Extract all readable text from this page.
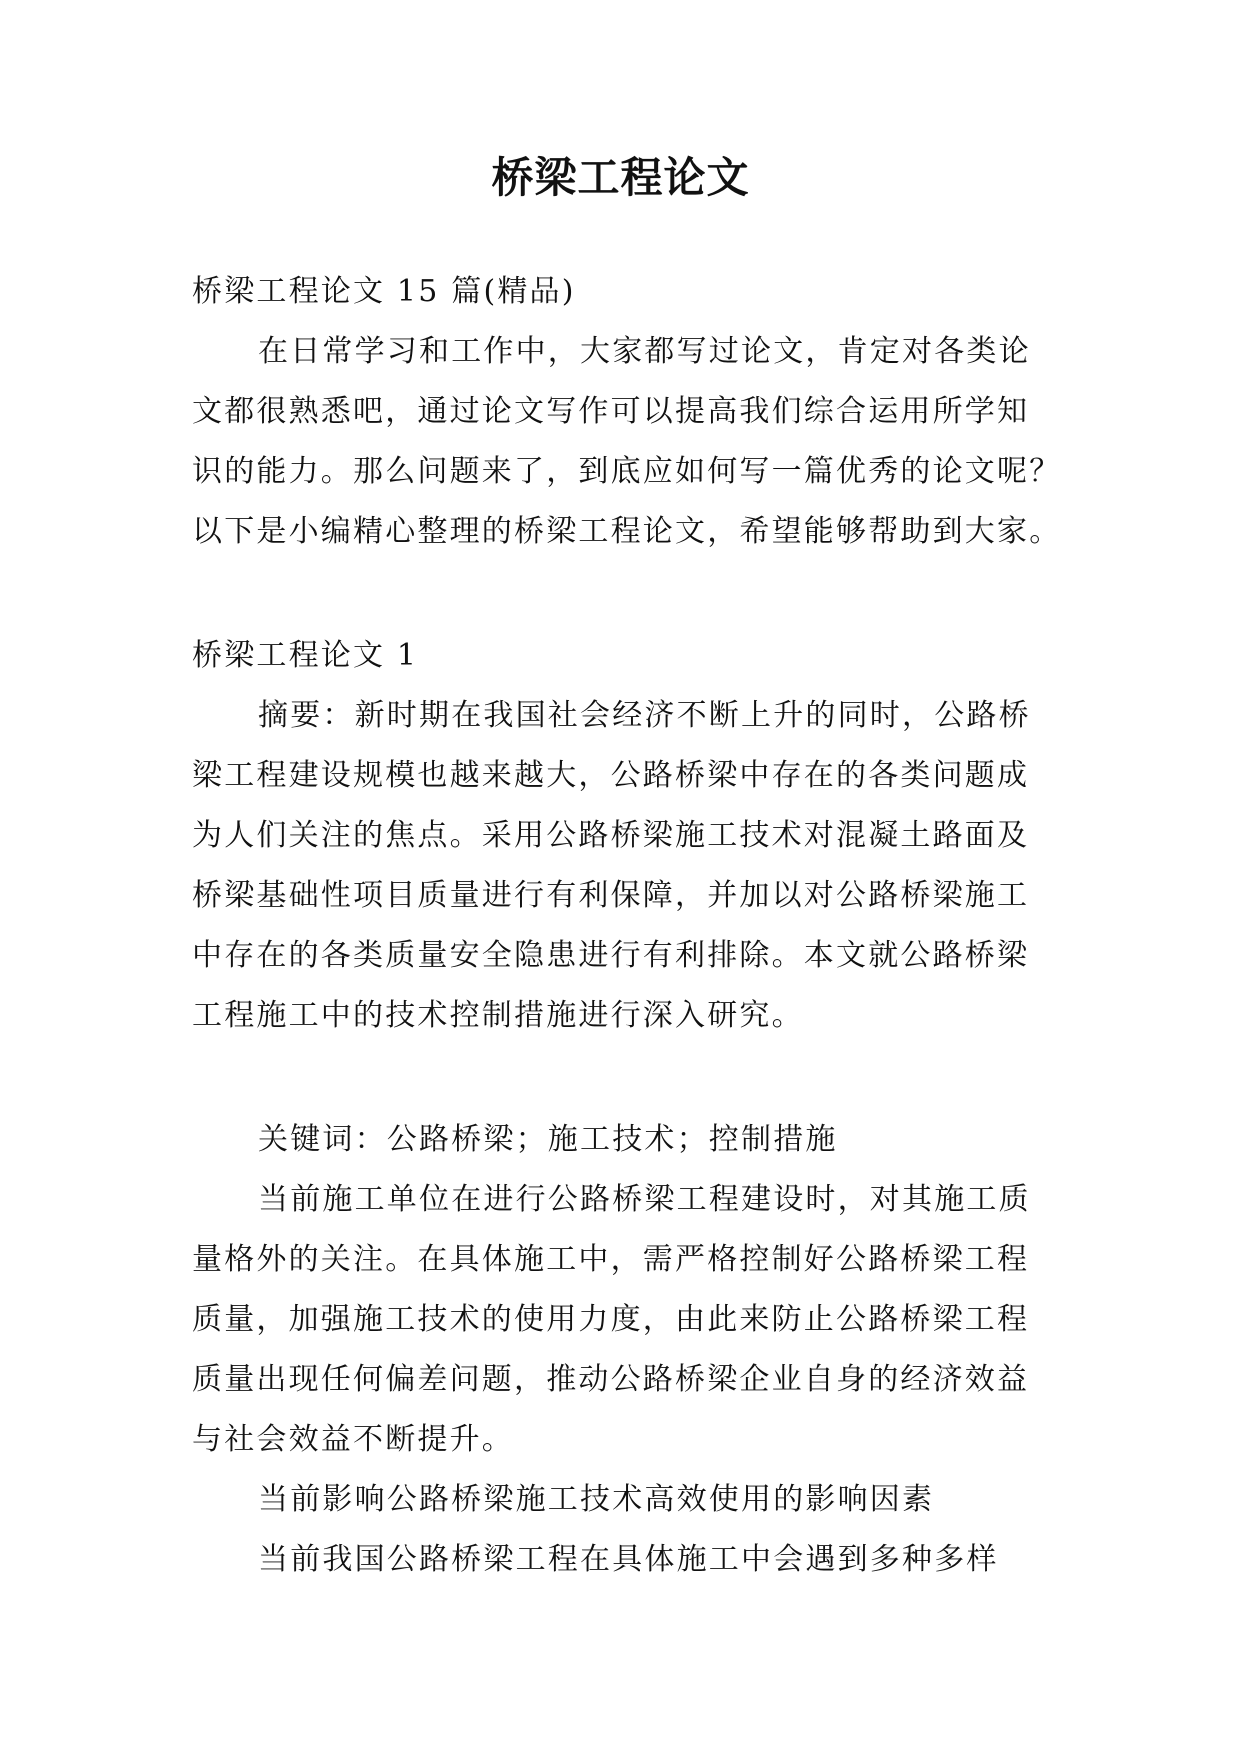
桥梁工程论文
桥梁工程论文 15 篇(精品)
在日常学习和工作中，大家都写过论文，肯定对各类论
文都很熟悉吧，通过论文写作可以提高我们综合运用所学知
识的能力。那么问题来了，到底应如何写一篇优秀的论文呢？
以下是小编精心整理的桥梁工程论文，希望能够帮助到大家。
桥梁工程论文 1
摘要：新时期在我国社会经济不断上升的同时，公路桥
梁工程建设规模也越来越大，公路桥梁中存在的各类问题成
为人们关注的焦点。采用公路桥梁施工技术对混凝土路面及
桥梁基础性项目质量进行有利保障，并加以对公路桥梁施工
中存在的各类质量安全隐患进行有利排除。本文就公路桥梁
工程施工中的技术控制措施进行深入研究。
关键词：公路桥梁；施工技术；控制措施
当前施工单位在进行公路桥梁工程建设时，对其施工质
量格外的关注。在具体施工中，需严格控制好公路桥梁工程
质量，加强施工技术的使用力度，由此来防止公路桥梁工程
质量出现任何偏差问题，推动公路桥梁企业自身的经济效益
与社会效益不断提升。
当前影响公路桥梁施工技术高效使用的影响因素
当前我国公路桥梁工程在具体施工中会遇到多种多样
